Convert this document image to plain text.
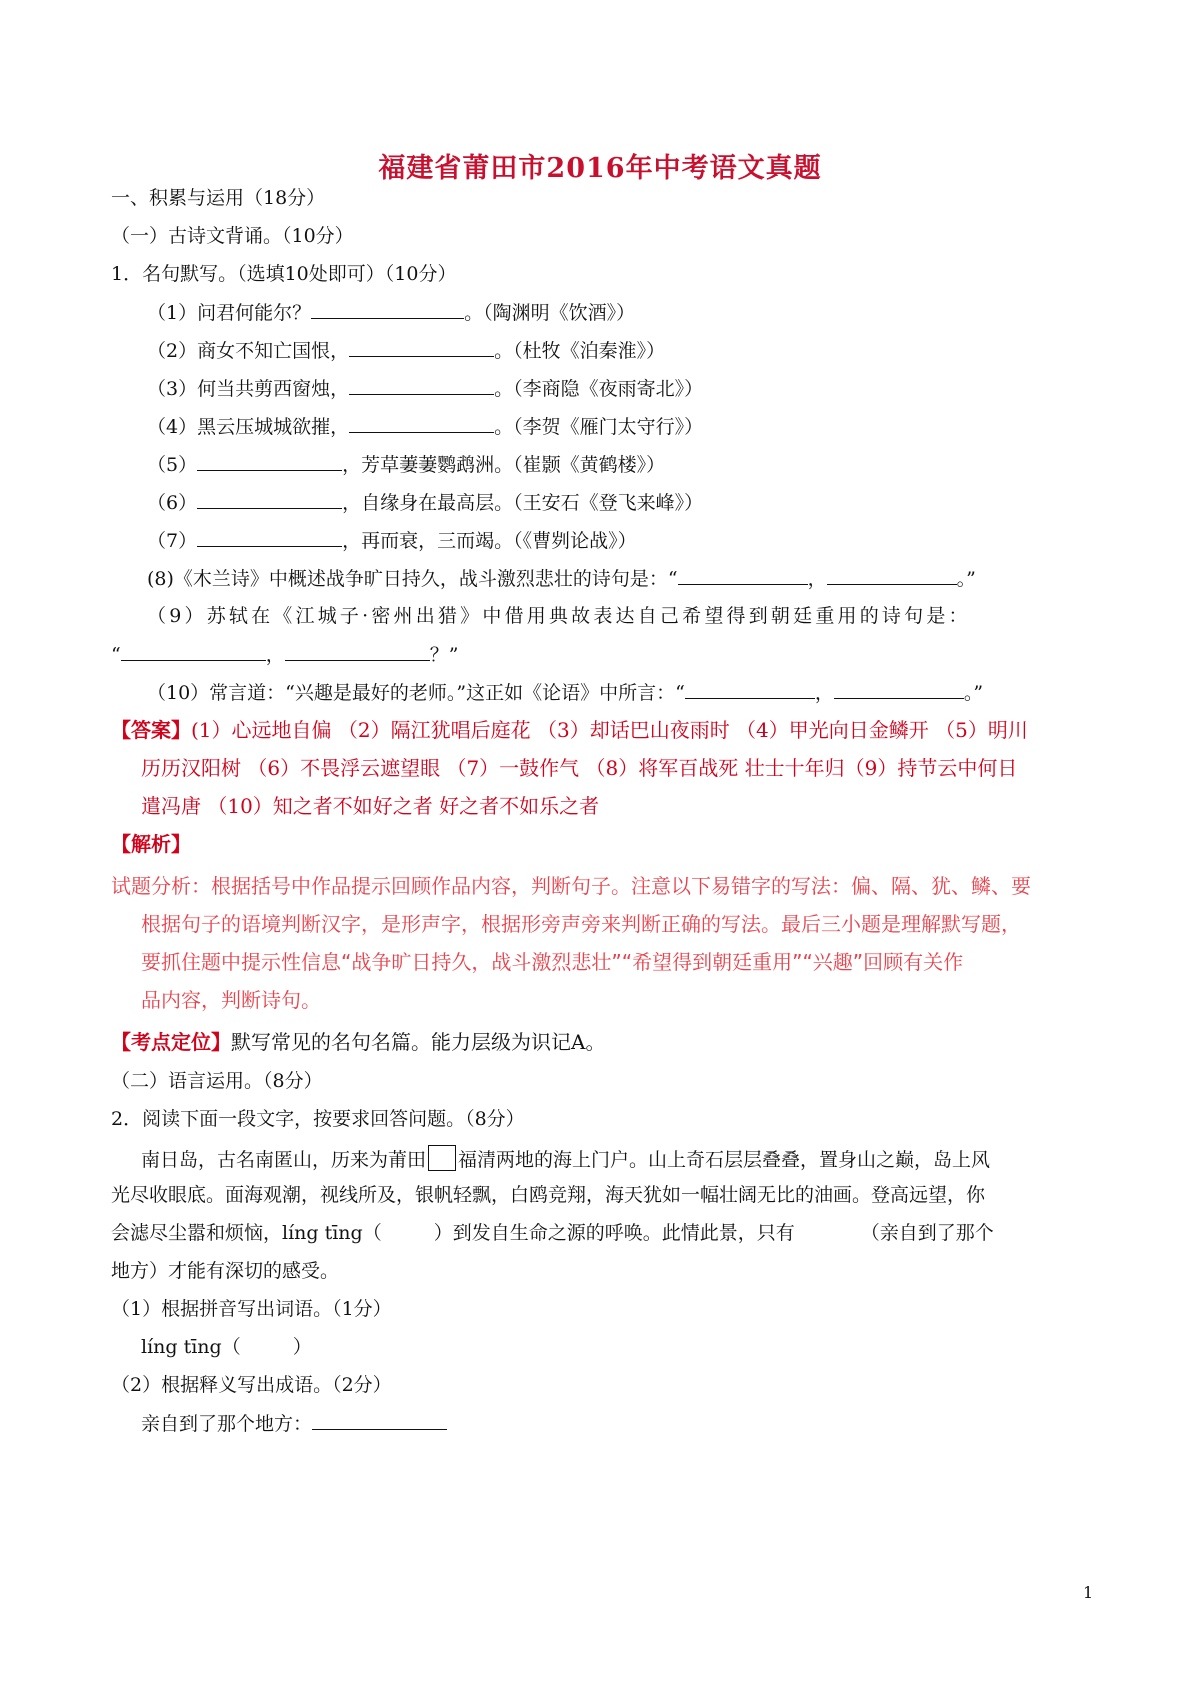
福建省莆田市2016年中考语文真题
一、积累与运用（18分）
（一）古诗文背诵。（10分）
1．名句默写。（选填10处即可）（10分）
（1）问君何能尔？	。（陶渊明《饮酒》）
（2）商女不知亡国恨，	。（杜牧《泊秦淮》）
（3）何当共剪西窗烛，	。（李商隐《夜雨寄北》）
（4）黑云压城城欲摧，	。（李贺《雁门太守行》）
（5）	，芳草萋萋鹦鹉洲。（崔颢《黄鹤楼》）
（6）	，自缘身在最高层。（王安石《登飞来峰》）
（7）	，再而衰，三而竭。（《曹刿论战》）
(8)《木兰诗》中概述战争旷日持久，战斗激烈悲壮的诗句是：“	，	。”
（9）苏轼在《江城子·密州出猎》中借用典故表达自己希望得到朝廷重用的诗句是：
“	，	？”
（10）常言道：“兴趣是最好的老师。”这正如《论语》中所言：“	，	。”
【答案】(1）心远地自偏 （2）隔江犹唱后庭花 （3）却话巴山夜雨时 （4）甲光向日金鳞开 （5）明川
历历汉阳树 （6）不畏浮云遮望眼 （7）一鼓作气 （8）将军百战死 壮士十年归（9）持节云中何日
遣冯唐 （10）知之者不如好之者 好之者不如乐之者
【解析】
试题分析：根据括号中作品提示回顾作品内容，判断句子。注意以下易错字的写法：偏、隔、犹、鳞、要
根据句子的语境判断汉字，是形声字，根据形旁声旁来判断正确的写法。最后三小题是理解默写题，
要抓住题中提示性信息“战争旷日持久，战斗激烈悲壮”“希望得到朝廷重用”“兴趣”回顾有关作
品内容，判断诗句。
【考点定位】默写常见的名句名篇。能力层级为识记A。
（二）语言运用。（8分）
2．阅读下面一段文字，按要求回答问题。（8分）
南日岛，古名南匿山，历来为莆田 福清两地的海上门户。山上奇石层层叠叠，置身山之巅，岛上风
光尽收眼底。面海观潮，视线所及，银帆轻飘，白鸥竞翔，海天犹如一幅壮阔无比的油画。登高远望，你
会滤尽尘嚣和烦恼，líng tīng（	）到发自生命之源的呼唤。此情此景，只有	（亲自到了那个
地方）才能有深切的感受。
（1）根据拼音写出词语。（1分）
líng tīng（	）
（2）根据释义写出成语。（2分）
亲自到了那个地方：
1
